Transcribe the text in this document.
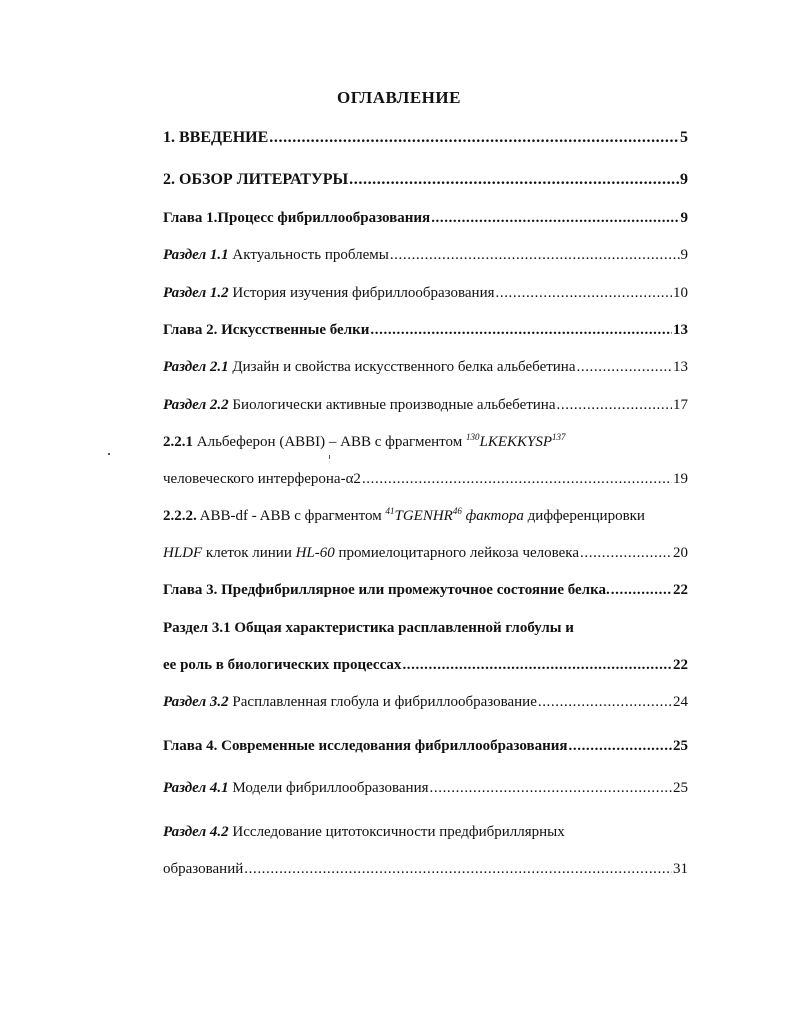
ОГЛАВЛЕНИЕ
1. ВВЕДЕНИЕ .....	5
2. ОБЗОР ЛИТЕРАТУРЫ .....	9
Глава 1.Процесс фибриллообразования .....	9
Раздел 1.1 Актуальность проблемы .....	9
Раздел 1.2 История изучения фибриллообразования .....	10
Глава 2. Искусственные белки .....	13
Раздел 2.1 Дизайн и свойства искусственного белка альбебетина .....	13
Раздел 2.2 Биологически активные производные альбебетина .....	17
2.2.1 Альбеферон (ABBI) – ABB с фрагментом $^{130}$LKEKKYSP$^{137}$
человеческого интерферона-α2 .....	19
2.2.2. ABB-df - ABB с фрагментом $^{41}$TGENHR$^{46}$ фактора дифференцировки
HLDF клеток линии HL-60 промиелоцитарного лейкоза человека .....	20
Глава 3. Предфибриллярное или промежуточное состояние белка. .....	22
Раздел 3.1 Общая характеристика расплавленной глобулы и
ее роль в биологических процессах .....	22
Раздел 3.2 Расплавленная глобула и фибриллообразование .....	24
Глава 4. Современные исследования фибриллообразования .....	25
Раздел 4.1 Модели фибриллообразования .....	25
Раздел 4.2 Исследование цитотоксичности предфибриллярных
образований .....	31
